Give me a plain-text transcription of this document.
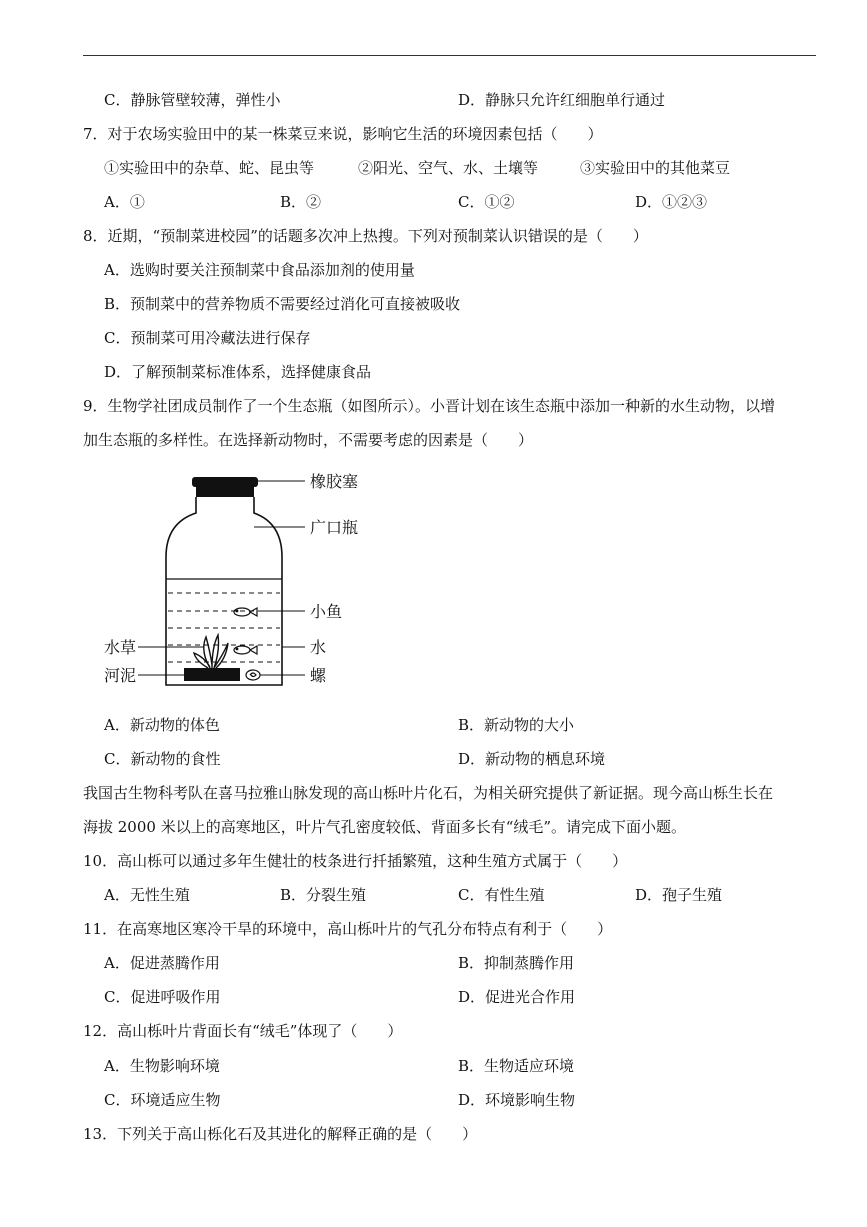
C．静脉管壁较薄，弹性小	D．静脉只允许红细胞单行通过
7．对于农场实验田中的某一株菜豆来说，影响它生活的环境因素包括（　　）
①实验田中的杂草、蛇、昆虫等	②阳光、空气、水、土壤等	③实验田中的其他菜豆
A．①	B．②	C．①②	D．①②③
8．近期，“预制菜进校园”的话题多次冲上热搜。下列对预制菜认识错误的是（　　）
A．选购时要关注预制菜中食品添加剂的使用量
B．预制菜中的营养物质不需要经过消化可直接被吸收
C．预制菜可用冷藏法进行保存
D．了解预制菜标准体系，选择健康食品
9．生物学社团成员制作了一个生态瓶（如图所示）。小晋计划在该生态瓶中添加一种新的水生动物，以增
加生态瓶的多样性。在选择新动物时，不需要考虑的因素是（　　）
橡胶塞
广口瓶
小鱼
水
螺
水草
河泥
A．新动物的体色	B．新动物的大小
C．新动物的食性	D．新动物的栖息环境
我国古生物科考队在喜马拉雅山脉发现的高山栎叶片化石，为相关研究提供了新证据。现今高山栎生长在
海拔 2000 米以上的高寒地区，叶片气孔密度较低、背面多长有“绒毛”。请完成下面小题。
10．高山栎可以通过多年生健壮的枝条进行扦插繁殖，这种生殖方式属于（　　）
A．无性生殖	B．分裂生殖	C．有性生殖	D．孢子生殖
11．在高寒地区寒冷干旱的环境中，高山栎叶片的气孔分布特点有利于（　　）
A．促进蒸腾作用	B．抑制蒸腾作用
C．促进呼吸作用	D．促进光合作用
12．高山栎叶片背面长有“绒毛”体现了（　　）
A．生物影响环境	B．生物适应环境
C．环境适应生物	D．环境影响生物
13．下列关于高山栎化石及其进化的解释正确的是（　　）
